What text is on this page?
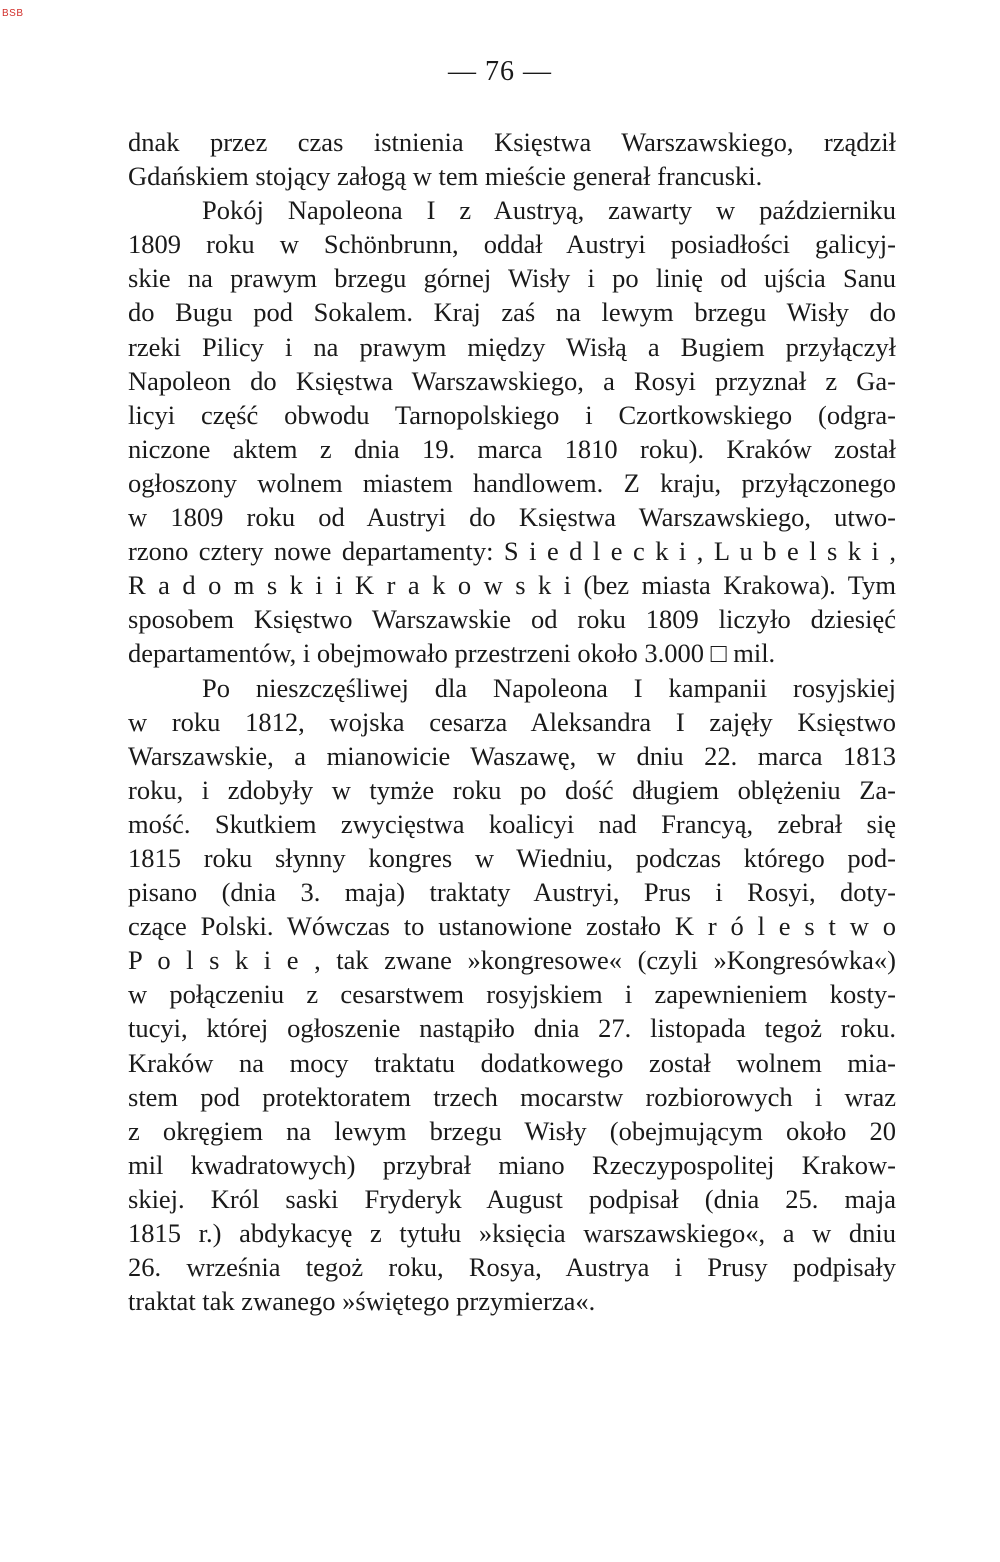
BSB
— 76 —
dnak przez czas istnienia Księstwa Warszawskiego, rządził
Gdańskiem stojący załogą w tem mieście generał francuski.
Pokój Napoleona I z Austryą, zawarty w październiku
1809 roku w Schönbrunn, oddał Austryi posiadłości galicyj-
skie na prawym brzegu górnej Wisły i po linię od ujścia Sanu
do Bugu pod Sokalem. Kraj zaś na lewym brzegu Wisły do
rzeki Pilicy i na prawym między Wisłą a Bugiem przyłączył
Napoleon do Księstwa Warszawskiego, a Rosyi przyznał z Ga-
licyi część obwodu Tarnopolskiego i Czortkowskiego (odgra-
niczone aktem z dnia 19. marca 1810 roku). Kraków został
ogłoszony wolnem miastem handlowem. Z kraju, przyłączonego
w 1809 roku od Austryi do Księstwa Warszawskiego, utwo-
rzono cztery nowe departamenty: S i e d l e c k i , L u b e l s k i ,
R a d o m s k i i K r a k o w s k i (bez miasta Krakowa). Tym
sposobem Księstwo Warszawskie od roku 1809 liczyło dziesięć
departamentów, i obejmowało przestrzeni około 3.000 □ mil.
Po nieszczęśliwej dla Napoleona I kampanii rosyjskiej
w roku 1812, wojska cesarza Aleksandra I zajęły Księstwo
Warszawskie, a mianowicie Waszawę, w dniu 22. marca 1813
roku, i zdobyły w tymże roku po dość długiem oblężeniu Za-
mość. Skutkiem zwycięstwa koalicyi nad Francyą, zebrał się
1815 roku słynny kongres w Wiedniu, podczas którego pod-
pisano (dnia 3. maja) traktaty Austryi, Prus i Rosyi, doty-
czące Polski. Wówczas to ustanowione zostało K r ó l e s t w o
P o l s k i e , tak zwane »kongresowe« (czyli »Kongresówka«)
w połączeniu z cesarstwem rosyjskiem i zapewnieniem kosty-
tucyi, której ogłoszenie nastąpiło dnia 27. listopada tegoż roku.
Kraków na mocy traktatu dodatkowego został wolnem mia-
stem pod protektoratem trzech mocarstw rozbiorowych i wraz
z okręgiem na lewym brzegu Wisły (obejmującym około 20
mil kwadratowych) przybrał miano Rzeczypospolitej Krakow-
skiej. Król saski Fryderyk August podpisał (dnia 25. maja
1815 r.) abdykacyę z tytułu »księcia warszawskiego«, a w dniu
26. września tegoż roku, Rosya, Austrya i Prusy podpisały
traktat tak zwanego »świętego przymierza«.
